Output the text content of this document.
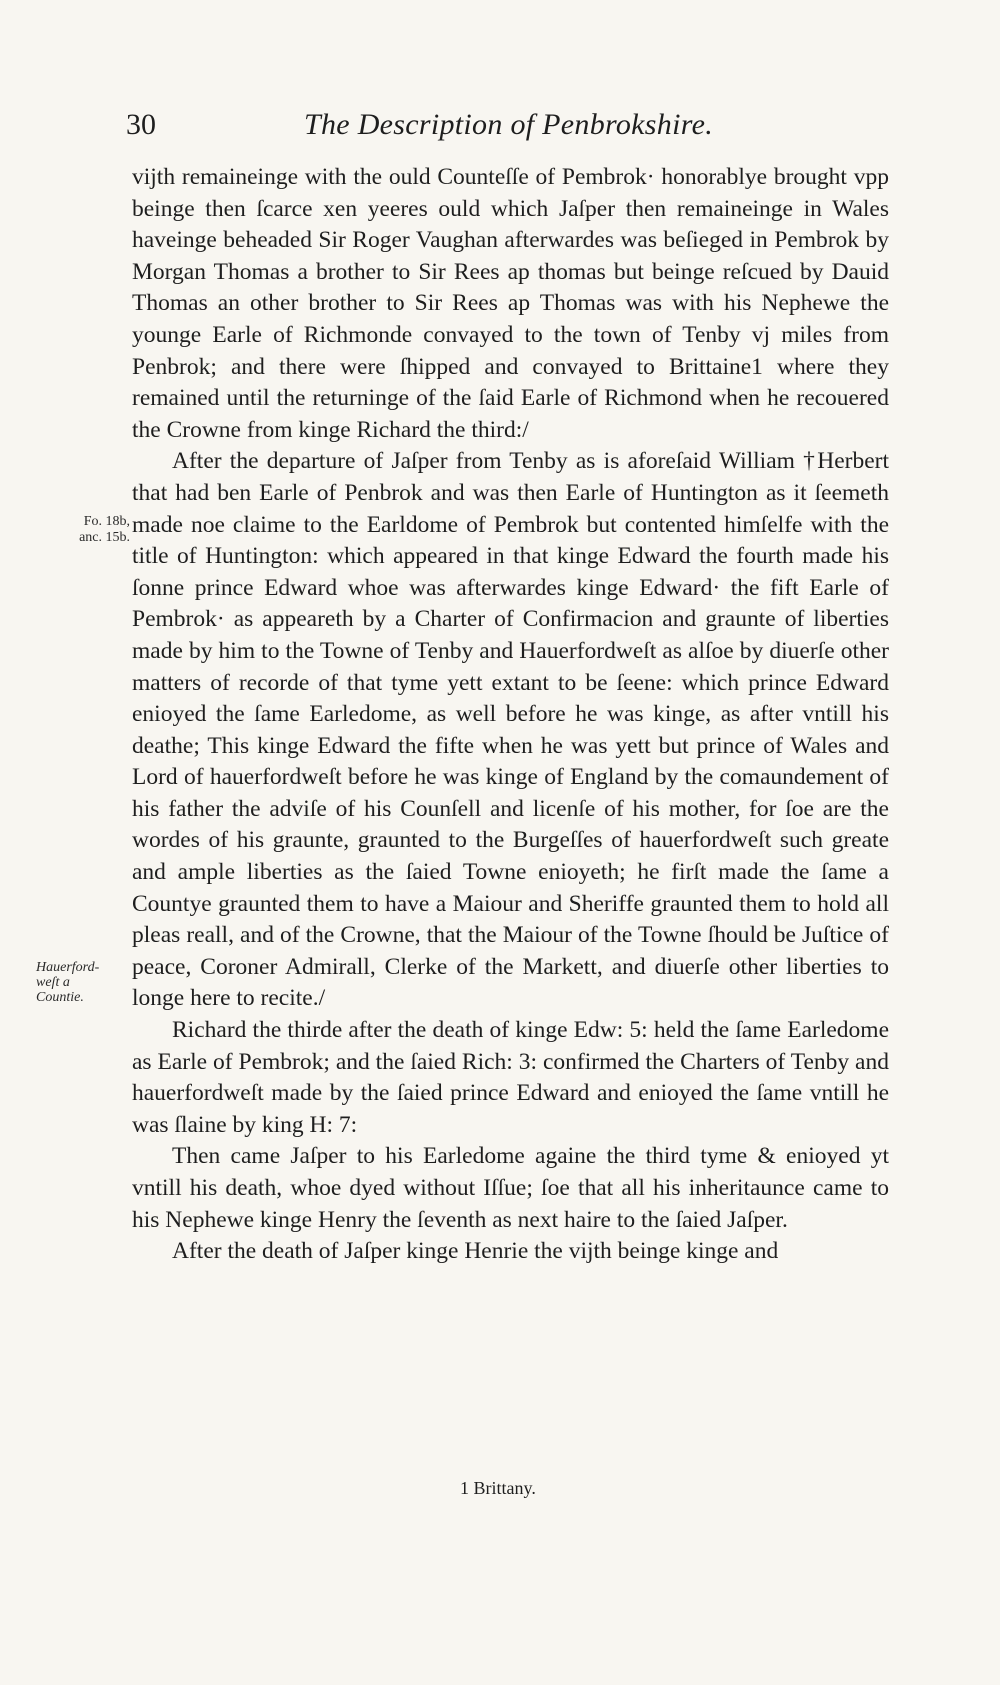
30	The Description of Penbrokshire.
Fo. 18b,
anc. 15b.
Hauerford-
weſt a
Countie.

vijth remaineinge with the ould Counteſſe of Pembrok· honorablye brought vpp beinge then ſcarce xen yeeres ould which Jaſper then remaineinge in Wales haveinge beheaded Sir Roger Vaughan afterwardes was beſieged in Pembrok by Morgan Thomas a brother to Sir Rees ap thomas but beinge reſcued by Dauid Thomas an other brother to Sir Rees ap Thomas was with his Nephewe the younge Earle of Richmonde convayed to the town of Tenby vj miles from Penbrok; and there were ſhipped and convayed to Brittaine1 where they remained until the returninge of the ſaid Earle of Richmond when he recouered the Crowne from kinge Richard the third:/

After the departure of Jaſper from Tenby as is aforeſaid William †Herbert that had ben Earle of Penbrok and was then Earle of Huntington as it ſeemeth made noe claime to the Earldome of Pembrok but contented himſelfe with the title of Huntington: which appeared in that kinge Edward the fourth made his ſonne prince Edward whoe was afterwardes kinge Edward· the fift Earle of Pembrok· as appeareth by a Charter of Confirmacion and graunte of liberties made by him to the Towne of Tenby and Hauerfordweſt as alſoe by diuerſe other matters of recorde of that tyme yett extant to be ſeene: which prince Edward enioyed the ſame Earledome, as well before he was kinge, as after vntill his deathe; This kinge Edward the fifte when he was yett but prince of Wales and Lord of hauerfordweſt before he was kinge of England by the comaundement of his father the adviſe of his Counſell and licenſe of his mother, for ſoe are the wordes of his graunte, graunted to the Burgeſſes of hauerfordweſt such greate and ample liberties as the ſaied Towne enioyeth; he firſt made the ſame a Countye graunted them to have a Maiour and Sheriffe graunted them to hold all pleas reall, and of the Crowne, that the Maiour of the Towne ſhould be Juſtice of peace, Coroner Admirall, Clerke of the Markett, and diuerſe other liberties to longe here to recite./

Richard the thirde after the death of kinge Edw: 5: held the ſame Earledome as Earle of Pembrok; and the ſaied Rich: 3: confirmed the Charters of Tenby and hauerfordweſt made by the ſaied prince Edward and enioyed the ſame vntill he was ſlaine by king H: 7:

Then came Jaſper to his Earledome againe the third tyme & enioyed yt vntill his death, whoe dyed without Iſſue; ſoe that all his inheritaunce came to his Nephewe kinge Henry the ſeventh as next haire to the ſaied Jaſper.

After the death of Jaſper kinge Henrie the vijth beinge kinge and

1 Brittany.
